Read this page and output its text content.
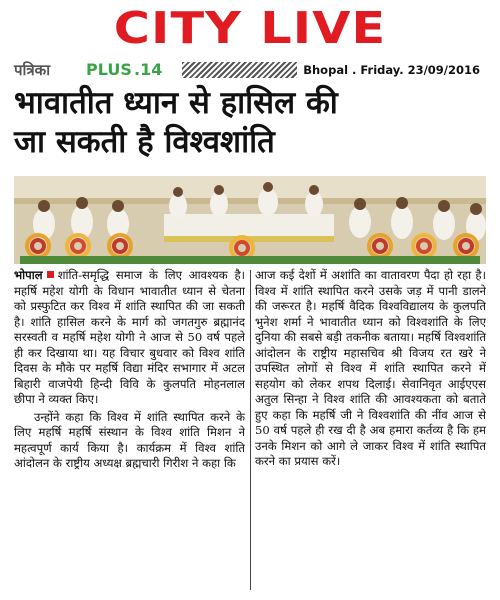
CITY LIVE
पत्रिका PLUS .14	Bhopal . Friday. 23/09/2016
भावातीत ध्यान से हासिल की
जा सकती है विश्वशांति

भोपाल शांति-समृद्धि समाज के लिए आवश्यक है। महर्षि महेश योगी के विधान भावातीत ध्यान से चेतना को प्रस्फुटित कर विश्व में शांति स्थापित की जा सकती है। शांति हासिल करने के मार्ग को जगतगुरु ब्रह्मानंद सरस्वती व महर्षि महेश योगी ने आज से 50 वर्ष पहले ही कर दिखाया था। यह विचार बुधवार को विश्व शांति दिवस के मौके पर महर्षि विद्या मंदिर सभागार में अटल बिहारी वाजपेयी हिन्दी विवि के कुलपति मोहनलाल छीपा ने व्यक्त किए।

उन्होंने कहा कि विश्व में शांति स्थापित करने के लिए महर्षि महर्षि संस्थान के विश्व शांति मिशन ने महत्वपूर्ण कार्य किया है। कार्यक्रम में विश्व शांति आंदोलन के राष्ट्रीय अध्यक्ष ब्रह्मचारी गिरीश ने कहा कि

आज कई देशों में अशांति का वातावरण पैदा हो रहा है। विश्व में शांति स्थापित करने उसके जड़ में पानी डालने की जरूरत है। महर्षि वैदिक विश्वविद्यालय के कुलपति भुनेश शर्मा ने भावातीत ध्यान को विश्वशांति के लिए दुनिया की सबसे बड़ी तकनीक बताया। महर्षि विश्वशांति आंदोलन के राष्ट्रीय महासचिव श्री विजय रत खरे ने उपस्थित लोगों से विश्व में शांति स्थापित करने में सहयोग को लेकर शपथ दिलाई। सेवानिवृत आईएएस अतुल सिन्हा ने विश्व शांति की आवश्यकता को बताते हुए कहा कि महर्षि जी ने विश्वशांति की नींव आज से 50 वर्ष पहले ही रख दी है अब हमारा कर्तव्य है कि हम उनके मिशन को आगे ले जाकर विश्व में शांति स्थापित करने का प्रयास करें।
